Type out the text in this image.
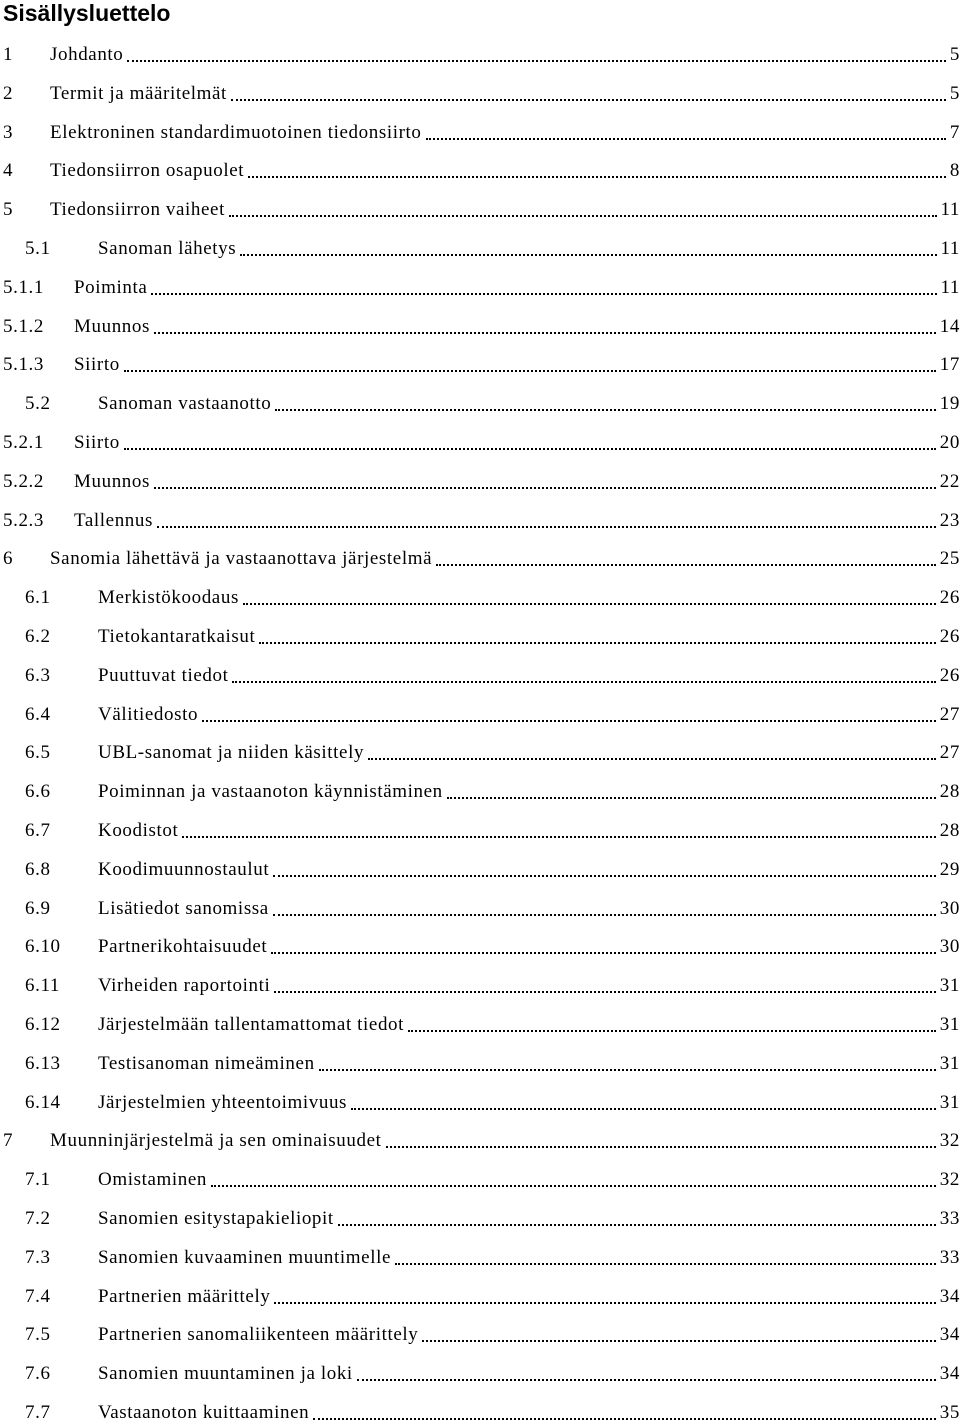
Sisällysluettelo
1 Johdanto	5
2 Termit ja määritelmät	5
3 Elektroninen standardimuotoinen tiedonsiirto	7
4 Tiedonsiirron osapuolet	8
5 Tiedonsiirron vaiheet	11
5.1 Sanoman lähetys	11
5.1.1 Poiminta	11
5.1.2 Muunnos	14
5.1.3 Siirto	17
5.2 Sanoman vastaanotto	19
5.2.1 Siirto	20
5.2.2 Muunnos	22
5.2.3 Tallennus	23
6 Sanomia lähettävä ja vastaanottava järjestelmä	25
6.1 Merkistökoodaus	26
6.2 Tietokantaratkaisut	26
6.3 Puuttuvat tiedot	26
6.4 Välitiedosto	27
6.5 UBL-sanomat ja niiden käsittely	27
6.6 Poiminnan ja vastaanoton käynnistäminen	28
6.7 Koodistot	28
6.8 Koodimuunnostaulut	29
6.9 Lisätiedot sanomissa	30
6.10 Partnerikohtaisuudet	30
6.11 Virheiden raportointi	31
6.12 Järjestelmään tallentamattomat tiedot	31
6.13 Testisanoman nimeäminen	31
6.14 Järjestelmien yhteentoimivuus	31
7 Muunninjärjestelmä ja sen ominaisuudet	32
7.1 Omistaminen	32
7.2 Sanomien esitystapakieliopit	33
7.3 Sanomien kuvaaminen muuntimelle	33
7.4 Partnerien määrittely	34
7.5 Partnerien sanomaliikenteen määrittely	34
7.6 Sanomien muuntaminen ja loki	34
7.7 Vastaanoton kuittaaminen	35
